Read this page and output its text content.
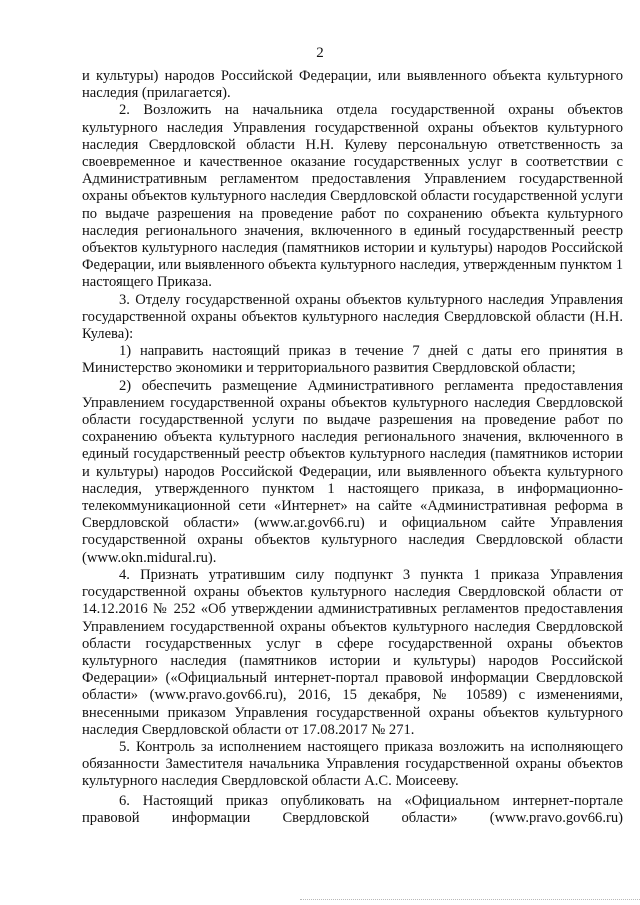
2

и культуры) народов Российской Федерации, или выявленного объекта культурного наследия (прилагается).

2. Возложить на начальника отдела государственной охраны объектов культурного наследия Управления государственной охраны объектов культурного наследия Свердловской области Н.Н. Кулеву персональную ответственность за своевременное и качественное оказание государственных услуг в соответствии с Административным регламентом предоставления Управлением государственной охраны объектов культурного наследия Свердловской области государственной услуги по выдаче разрешения на проведение работ по сохранению объекта культурного наследия регионального значения, включенного в единый государственный реестр объектов культурного наследия (памятников истории и культуры) народов Российской Федерации, или выявленного объекта культурного наследия, утвержденным пунктом 1 настоящего Приказа.

3. Отделу государственной охраны объектов культурного наследия Управления государственной охраны объектов культурного наследия Свердловской области (Н.Н. Кулева):

1) направить настоящий приказ в течение 7 дней с даты его принятия в Министерство экономики и территориального развития Свердловской области;

2) обеспечить размещение Административного регламента предоставления Управлением государственной охраны объектов культурного наследия Свердловской области государственной услуги по выдаче разрешения на проведение работ по сохранению объекта культурного наследия регионального значения, включенного в единый государственный реестр объектов культурного наследия (памятников истории и культуры) народов Российской Федерации, или выявленного объекта культурного наследия, утвержденного пунктом 1 настоящего приказа, в информационно-телекоммуникационной сети «Интернет» на сайте «Административная реформа в Свердловской области» (www.ar.gov66.ru) и официальном сайте Управления государственной охраны объектов культурного наследия Свердловской области (www.okn.midural.ru).

4. Признать утратившим силу подпункт 3 пункта 1 приказа Управления государственной охраны объектов культурного наследия Свердловской области от 14.12.2016 № 252 «Об утверждении административных регламентов предоставления Управлением государственной охраны объектов культурного наследия Свердловской области государственных услуг в сфере государственной охраны объектов культурного наследия (памятников истории и культуры) народов Российской Федерации» («Официальный интернет-портал правовой информации Свердловской области» (www.pravo.gov66.ru), 2016, 15 декабря, № 10589) с изменениями, внесенными приказом Управления государственной охраны объектов культурного наследия Свердловской области от 17.08.2017 № 271.

5. Контроль за исполнением настоящего приказа возложить на исполняющего обязанности Заместителя начальника Управления государственной охраны объектов культурного наследия Свердловской области А.С. Моисееву.

6. Настоящий приказ опубликовать на «Официальном интернет-портале правовой информации Свердловской области» (www.pravo.gov66.ru)
